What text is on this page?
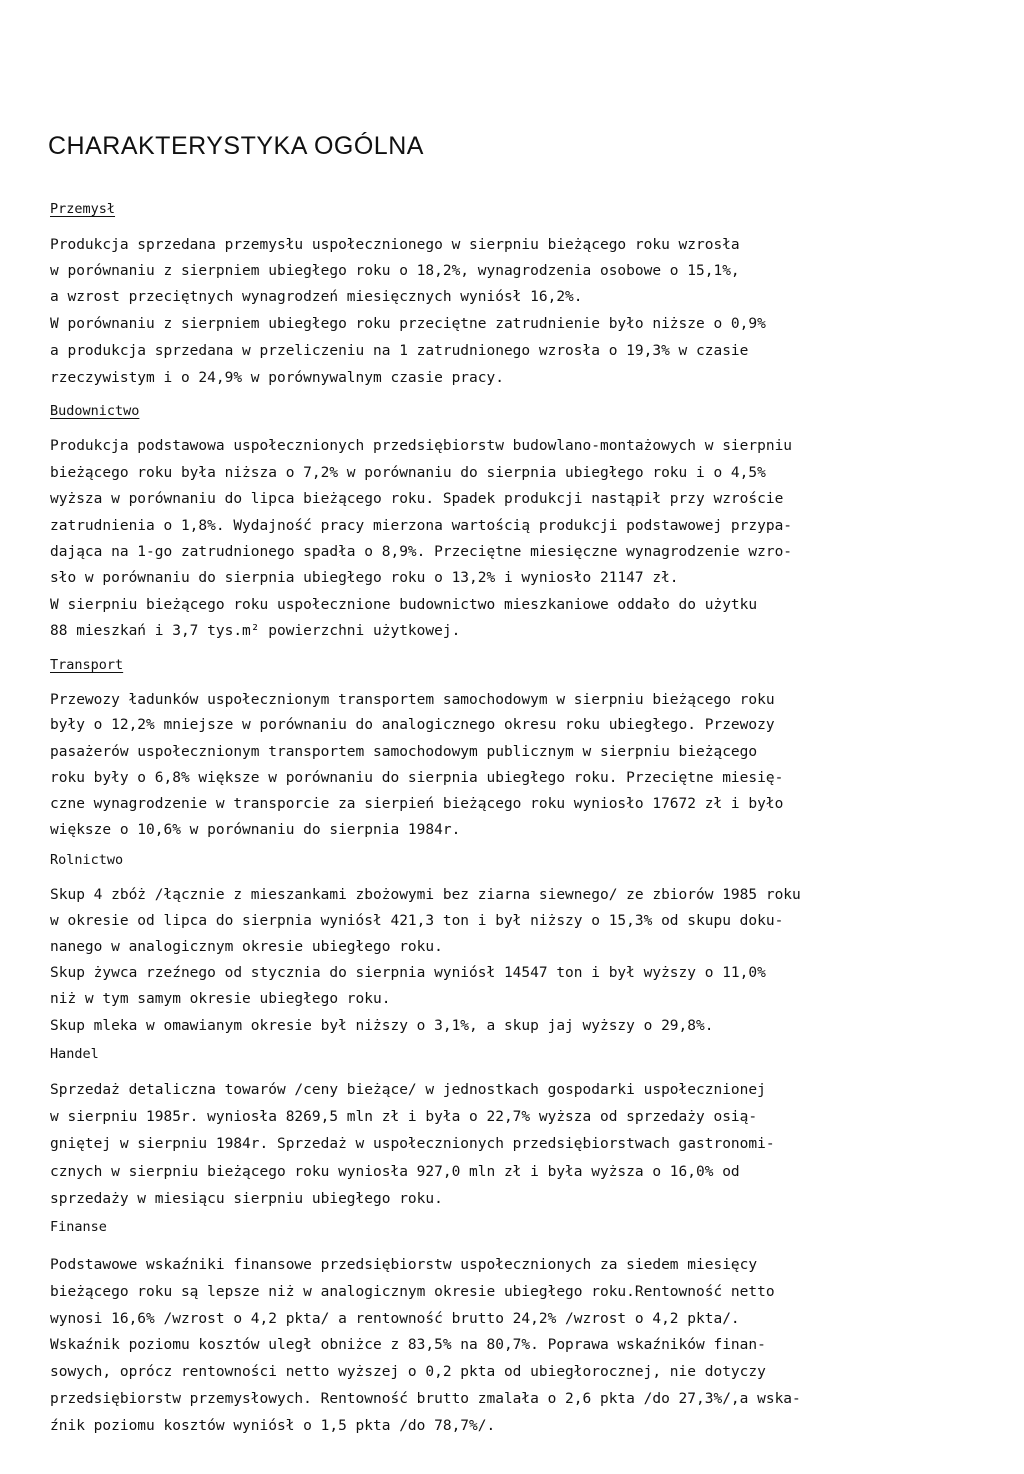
CHARAKTERYSTYKA OGÓLNA
Przemysł
Produkcja sprzedana przemysłu uspołecznionego w sierpniu bieżącego roku wzrosła
w porównaniu z sierpniem ubiegłego roku o 18,2%, wynagrodzenia osobowe o 15,1%,
a wzrost przeciętnych wynagrodzeń miesięcznych wyniósł 16,2%.
W porównaniu z sierpniem ubiegłego roku przeciętne zatrudnienie było niższe o 0,9%
a produkcja sprzedana w przeliczeniu na 1 zatrudnionego wzrosła o 19,3% w czasie
rzeczywistym i o 24,9% w porównywalnym czasie pracy.
Budownictwo
Produkcja podstawowa uspołecznionych przedsiębiorstw budowlano-montażowych w sierpniu
bieżącego roku była niższa o 7,2% w porównaniu do sierpnia ubiegłego roku i o 4,5%
wyższa w porównaniu do lipca bieżącego roku. Spadek produkcji nastąpił przy wzroście
zatrudnienia o 1,8%. Wydajność pracy mierzona wartością produkcji podstawowej przypa-
dająca na 1-go zatrudnionego spadła o 8,9%. Przeciętne miesięczne wynagrodzenie wzro-
sło w porównaniu do sierpnia ubiegłego roku o 13,2% i wyniosło 21147 zł.
W sierpniu bieżącego roku uspołecznione budownictwo mieszkaniowe oddało do użytku
88 mieszkań i 3,7 tys.m² powierzchni użytkowej.
Transport
Przewozy ładunków uspołecznionym transportem samochodowym w sierpniu bieżącego roku
były o 12,2% mniejsze w porównaniu do analogicznego okresu roku ubiegłego. Przewozy
pasażerów uspołecznionym transportem samochodowym publicznym w sierpniu bieżącego
roku były o 6,8% większe w porównaniu do sierpnia ubiegłego roku. Przeciętne miesię-
czne wynagrodzenie w transporcie za sierpień bieżącego roku wyniosło 17672 zł i było
większe o 10,6% w porównaniu do sierpnia 1984r.
Rolnictwo
Skup 4 zbóż /łącznie z mieszankami zbożowymi bez ziarna siewnego/ ze zbiorów 1985 roku
w okresie od lipca do sierpnia wyniósł 421,3 ton i był niższy o 15,3% od skupu doku-
nanego w analogicznym okresie ubiegłego roku.
Skup żywca rzeźnego od stycznia do sierpnia wyniósł 14547 ton i był wyższy o 11,0%
niż w tym samym okresie ubiegłego roku.
Skup mleka w omawianym okresie był niższy o 3,1%, a skup jaj wyższy o 29,8%.
Handel
Sprzedaż detaliczna towarów /ceny bieżące/ w jednostkach gospodarki uspołecznionej
w sierpniu 1985r. wyniosła 8269,5 mln zł i była o 22,7% wyższa od sprzedaży osią-
gniętej w sierpniu 1984r. Sprzedaż w uspołecznionych przedsiębiorstwach gastronomi-
cznych w sierpniu bieżącego roku wyniosła 927,0 mln zł i była wyższa o 16,0% od
sprzedaży w miesiącu sierpniu ubiegłego roku.
Finanse
Podstawowe wskaźniki finansowe przedsiębiorstw uspołecznionych za siedem miesięcy
bieżącego roku są lepsze niż w analogicznym okresie ubiegłego roku.Rentowność netto
wynosi 16,6% /wzrost o 4,2 pkta/ a rentowność brutto 24,2% /wzrost o 4,2 pkta/.
Wskaźnik poziomu kosztów uległ obniżce z 83,5% na 80,7%. Poprawa wskaźników finan-
sowych, oprócz rentowności netto wyższej o 0,2 pkta od ubiegłorocznej, nie dotyczy
przedsiębiorstw przemysłowych. Rentowność brutto zmalała o 2,6 pkta /do 27,3%/,a wska-
źnik poziomu kosztów wyniósł o 1,5 pkta /do 78,7%/.
